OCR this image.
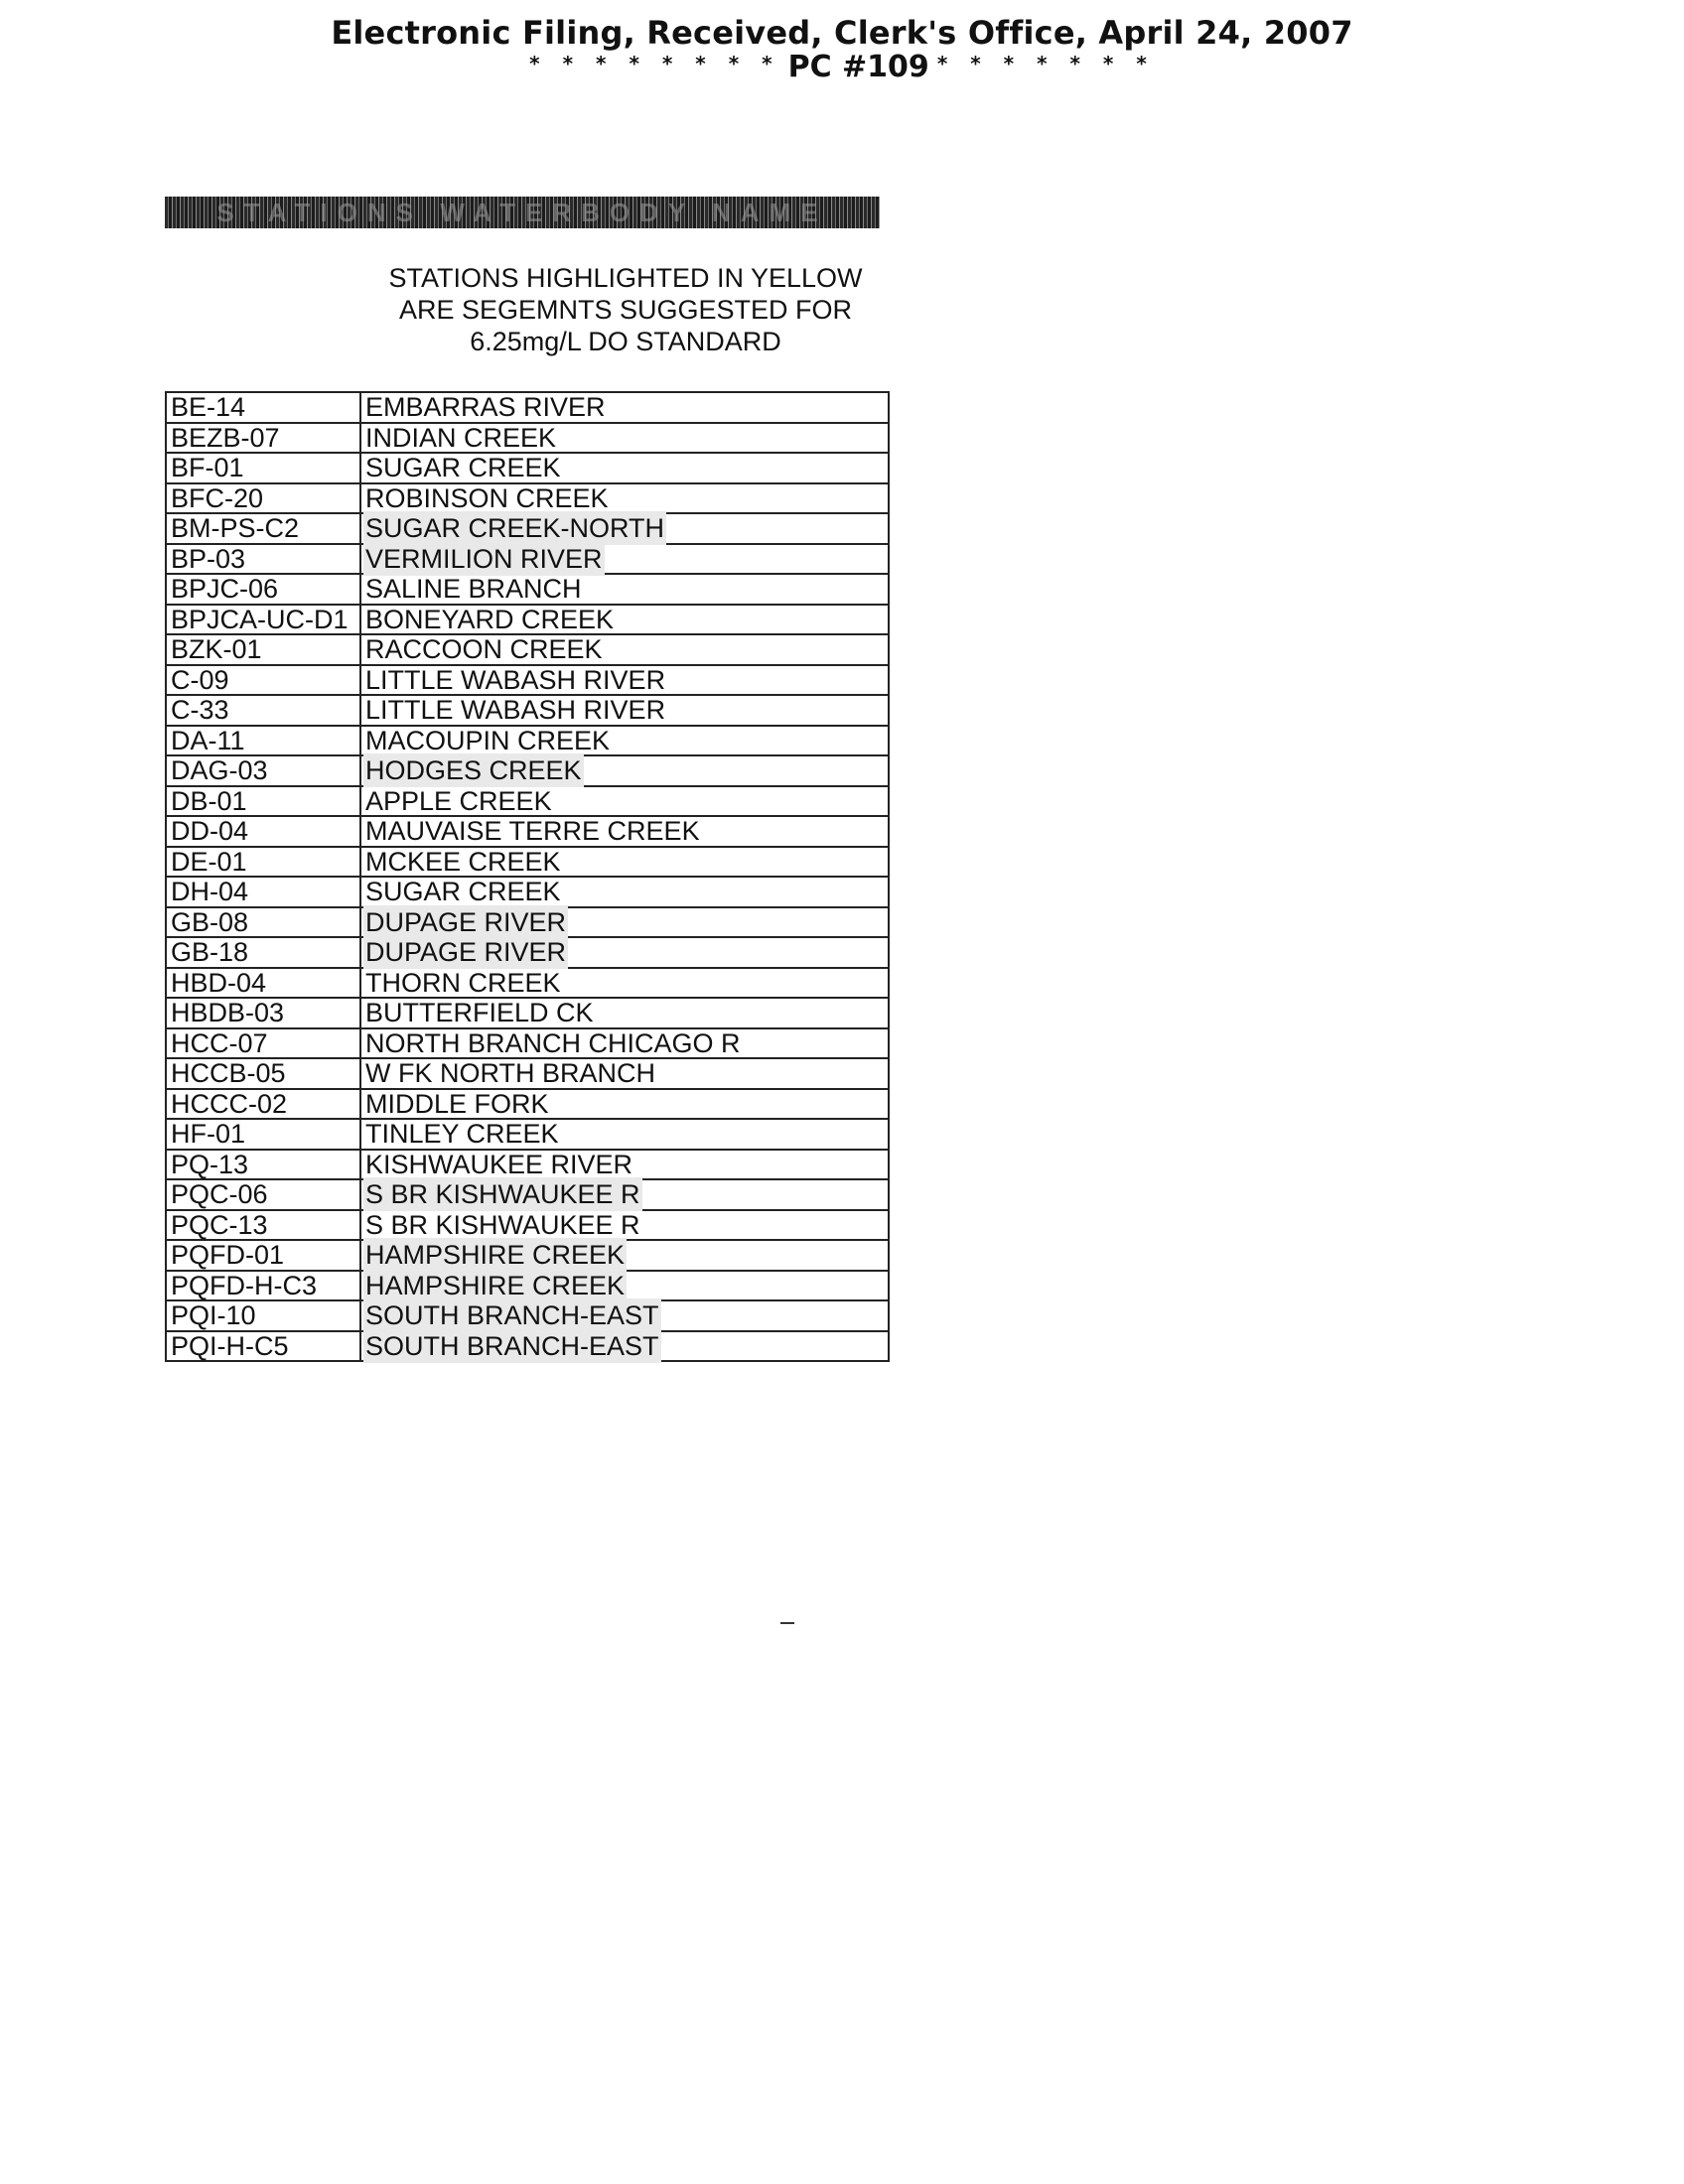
Electronic Filing, Received, Clerk's Office, April 24, 2007
* * * * * * * * PC #109 * * * * * * *
STATIONS WATERBODY NAME
STATIONS HIGHLIGHTED IN YELLOW
ARE SEGEMNTS SUGGESTED FOR
6.25mg/L DO STANDARD
BE-14	EMBARRAS RIVER
BEZB-07	INDIAN CREEK
BF-01	SUGAR CREEK
BFC-20	ROBINSON CREEK
BM-PS-C2	SUGAR CREEK-NORTH
BP-03	VERMILION RIVER
BPJC-06	SALINE BRANCH
BPJCA-UC-D1	BONEYARD CREEK
BZK-01	RACCOON CREEK
C-09	LITTLE WABASH RIVER
C-33	LITTLE WABASH RIVER
DA-11	MACOUPIN CREEK
DAG-03	HODGES CREEK
DB-01	APPLE CREEK
DD-04	MAUVAISE TERRE CREEK
DE-01	MCKEE CREEK
DH-04	SUGAR CREEK
GB-08	DUPAGE RIVER
GB-18	DUPAGE RIVER
HBD-04	THORN CREEK
HBDB-03	BUTTERFIELD CK
HCC-07	NORTH BRANCH CHICAGO R
HCCB-05	W FK NORTH BRANCH
HCCC-02	MIDDLE FORK
HF-01	TINLEY CREEK
PQ-13	KISHWAUKEE RIVER
PQC-06	S BR KISHWAUKEE R
PQC-13	S BR KISHWAUKEE R
PQFD-01	HAMPSHIRE CREEK
PQFD-H-C3	HAMPSHIRE CREEK
PQI-10	SOUTH BRANCH-EAST
PQI-H-C5	SOUTH BRANCH-EAST
